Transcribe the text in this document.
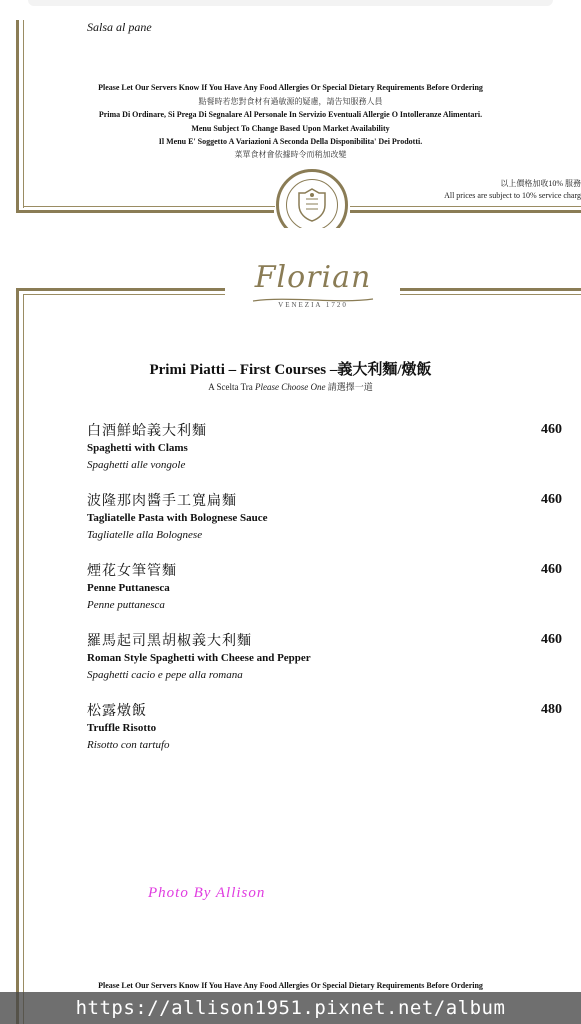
Salsa al pane
Please Let Our Servers Know If You Have Any Food Allergies Or Special Dietary Requirements Before Ordering
點餐時若您對食材有過敏源的疑慮，請告知服務人員
Prima Di Ordinare, Si Prega Di Segnalare Al Personale In Servizio Eventuali Allergie O Intolleranze Alimentari.
Menu Subject To Change Based Upon Market Availability
Il Menu E' Soggetto A Variazioni A Seconda Della Disponibilita' Dei Prodotti.
菜單食材會依據時令而稍加改變
以上價格加收10% 服務
All prices are subject to 10% service charg
Florian
VENEZIA 1720
Primi Piatti – First Courses –義大利麵/燉飯
A Scelta Tra Please Choose One 請選擇一道
白酒鮮蛤義大利麵
Spaghetti with Clams
Spaghetti alle vongole
460
波隆那肉醬手工寬扁麵
Tagliatelle Pasta with Bolognese Sauce
Tagliatelle alla Bolognese
460
煙花女筆管麵
Penne Puttanesca
Penne puttanesca
460
羅馬起司黑胡椒義大利麵
Roman Style Spaghetti with Cheese and Pepper
Spaghetti cacio e pepe alla romana
460
松露燉飯
Truffle Risotto
Risotto con tartufo
480
Photo By Allison
Please Let Our Servers Know If You Have Any Food Allergies Or Special Dietary Requirements Before Ordering
https://allison1951.pixnet.net/album
